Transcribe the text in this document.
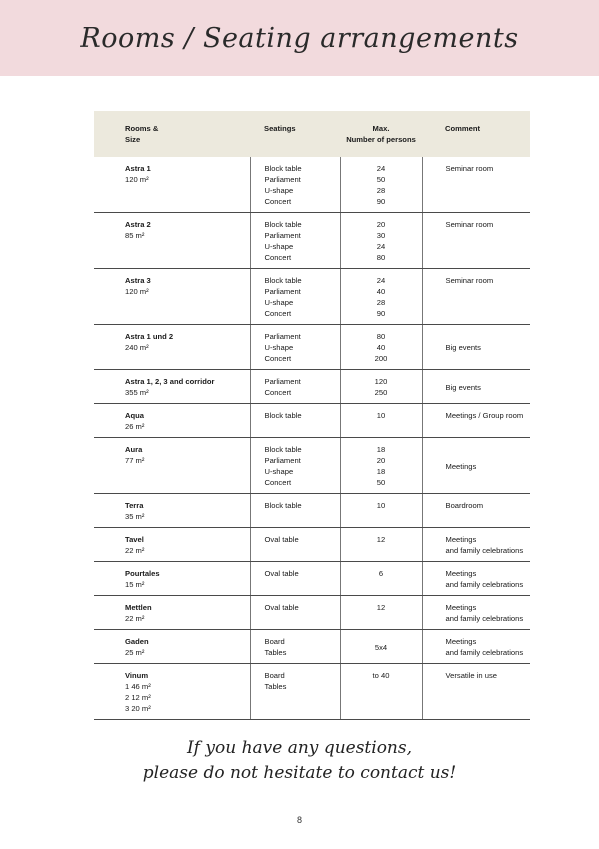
Rooms / Seating arrangements
Rooms &
Size	Seatings	Max.
Number of persons	Comment

Astra 1
120 m²	Block table
Parliament
U-shape
Concert	24
50
28
90	Seminar room

Astra 2
85 m²	Block table
Parliament
U-shape
Concert	20
30
24
80	Seminar room

Astra 3
120 m²	Block table
Parliament
U-shape
Concert	24
40
28
90	Seminar room

Astra 1 und 2
240 m²	Parliament
U-shape
Concert	80
40
200	Big events

Astra 1, 2, 3 and corridor
355 m²	Parliament
Concert	120
250	Big events

Aqua
26 m²	Block table	10	Meetings / Group room

Aura
77 m²	Block table
Parliament
U-shape
Concert	18
20
18
50	Meetings

Terra
35 m²	Block table	10	Boardroom

Tavel
22 m²	Oval table	12	Meetings
and family celebrations

Pourtales
15 m²	Oval table	6	Meetings
and family celebrations

Mettlen
22 m²	Oval table	12	Meetings
and family celebrations

Gaden
25 m²	Board
Tables	5x4	Meetings
and family celebrations

Vinum
1 46 m²
2 12 m²
3 20 m²	Board
Tables	to 40	Versatile in use
If you have any questions,
please do not hesitate to contact us!
8
